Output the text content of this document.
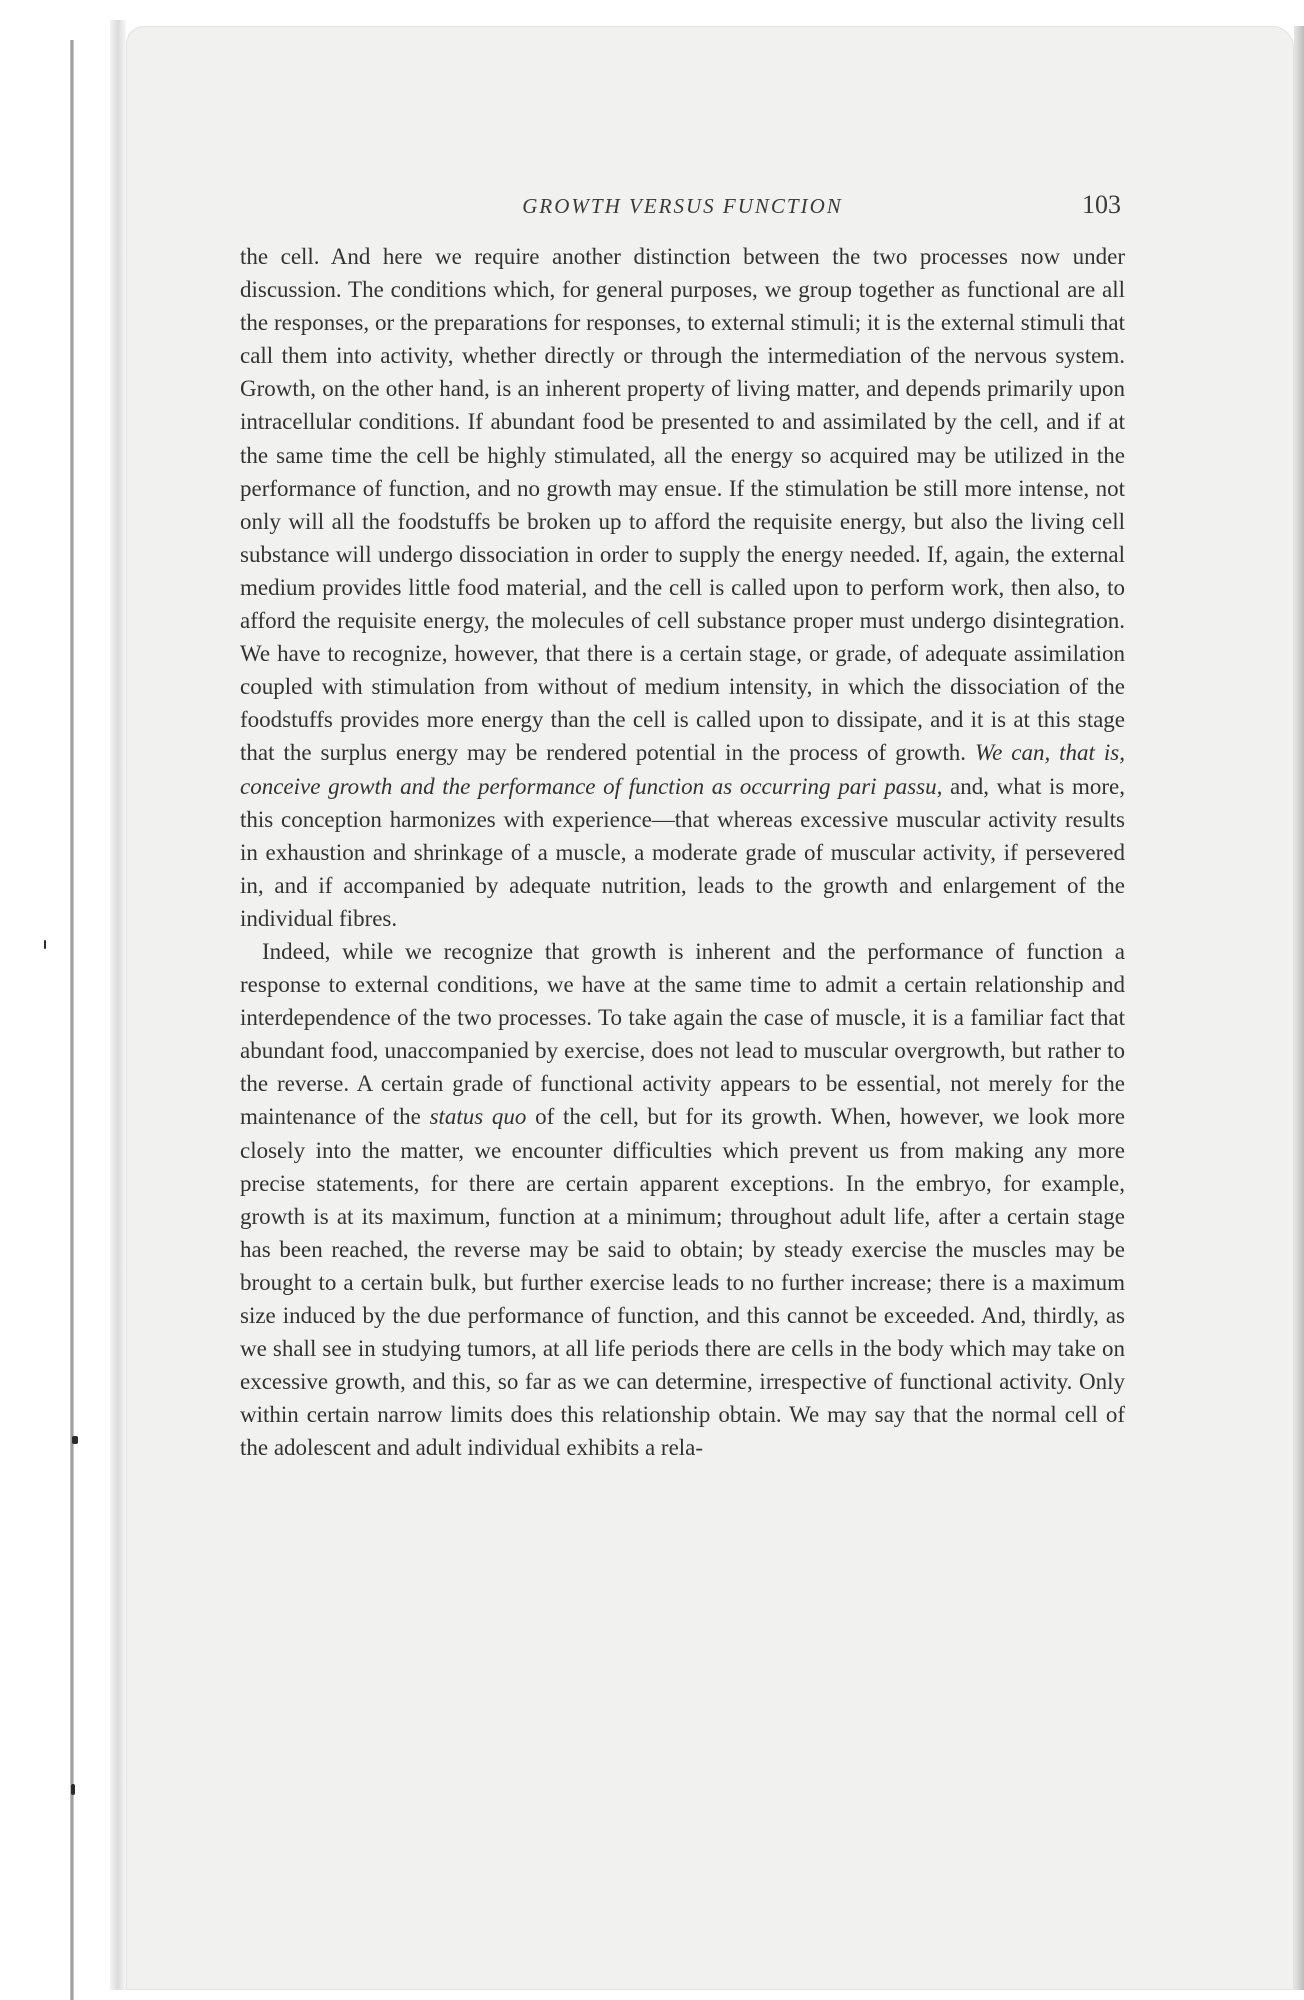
GROWTH VERSUS FUNCTION	103

the cell. And here we require another distinction between the two processes now under discussion. The conditions which, for general purposes, we group together as functional are all the responses, or the preparations for responses, to external stimuli; it is the external stimuli that call them into activity, whether directly or through the intermediation of the nervous system. Growth, on the other hand, is an inherent property of living matter, and depends primarily upon intracellular conditions. If abundant food be presented to and assimilated by the cell, and if at the same time the cell be highly stimulated, all the energy so acquired may be utilized in the performance of function, and no growth may ensue. If the stimulation be still more intense, not only will all the foodstuffs be broken up to afford the requisite energy, but also the living cell substance will undergo dissociation in order to supply the energy needed. If, again, the external medium provides little food material, and the cell is called upon to perform work, then also, to afford the requisite energy, the molecules of cell substance proper must undergo disintegration. We have to recognize, however, that there is a certain stage, or grade, of adequate assimilation coupled with stimulation from without of medium intensity, in which the dissociation of the foodstuffs provides more energy than the cell is called upon to dissipate, and it is at this stage that the surplus energy may be rendered potential in the process of growth. We can, that is, conceive growth and the performance of function as occurring pari passu, and, what is more, this conception harmonizes with experience—that whereas excessive muscular activity results in exhaustion and shrinkage of a muscle, a moderate grade of muscular activity, if persevered in, and if accompanied by adequate nutrition, leads to the growth and enlargement of the individual fibres.

Indeed, while we recognize that growth is inherent and the performance of function a response to external conditions, we have at the same time to admit a certain relationship and interdependence of the two processes. To take again the case of muscle, it is a familiar fact that abundant food, unaccompanied by exercise, does not lead to muscular overgrowth, but rather to the reverse. A certain grade of functional activity appears to be essential, not merely for the maintenance of the status quo of the cell, but for its growth. When, however, we look more closely into the matter, we encounter difficulties which prevent us from making any more precise statements, for there are certain apparent exceptions. In the embryo, for example, growth is at its maximum, function at a minimum; throughout adult life, after a certain stage has been reached, the reverse may be said to obtain; by steady exercise the muscles may be brought to a certain bulk, but further exercise leads to no further increase; there is a maximum size induced by the due performance of function, and this cannot be exceeded. And, thirdly, as we shall see in studying tumors, at all life periods there are cells in the body which may take on excessive growth, and this, so far as we can determine, irrespective of functional activity. Only within certain narrow limits does this relationship obtain. We may say that the normal cell of the adolescent and adult individual exhibits a rela-
